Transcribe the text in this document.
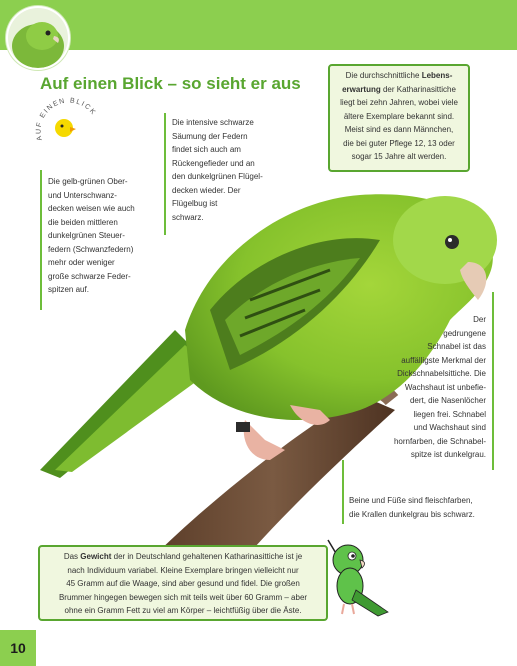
Auf einen Blick – so sieht er aus
AUF EINEN BLICK

Die gelb-grünen Ober-
und Unterschwanz-
decken weisen wie auch
die beiden mittleren
dunkelgrünen Steuer-
federn (Schwanzfedern)
mehr oder weniger
große schwarze Feder-
spitzen auf.

Die intensive schwarze
Säumung der Federn
findet sich auch am
Rückengefieder und an
den dunkelgrünen Flügel-
decken wieder. Der
Flügelbug ist
schwarz.

Der
gedrungene
Schnabel ist das
auffälligste Merkmal der
Dickschnabelsittiche. Die
Wachshaut ist unbefie-
dert, die Nasenlöcher
liegen frei. Schnabel
und Wachshaut sind
hornfarben, die Schnabel-
spitze ist dunkelgrau.

Beine und Füße sind fleischfarben,
die Krallen dunkelgrau bis schwarz.

Die durchschnittliche Lebens-
erwartung der Katharinasittiche
liegt bei zehn Jahren, wobei viele
ältere Exemplare bekannt sind.
Meist sind es dann Männchen,
die bei guter Pflege 12, 13 oder
sogar 15 Jahre alt werden.
Das Gewicht der in Deutschland gehaltenen Katharinasittiche ist je
nach Individuum variabel. Kleine Exemplare bringen vielleicht nur
45 Gramm auf die Waage, sind aber gesund und fidel. Die großen
Brummer hingegen bewegen sich mit teils weit über 60 Gramm – aber
ohne ein Gramm Fett zu viel am Körper – leichtfüßig über die Äste.
10
